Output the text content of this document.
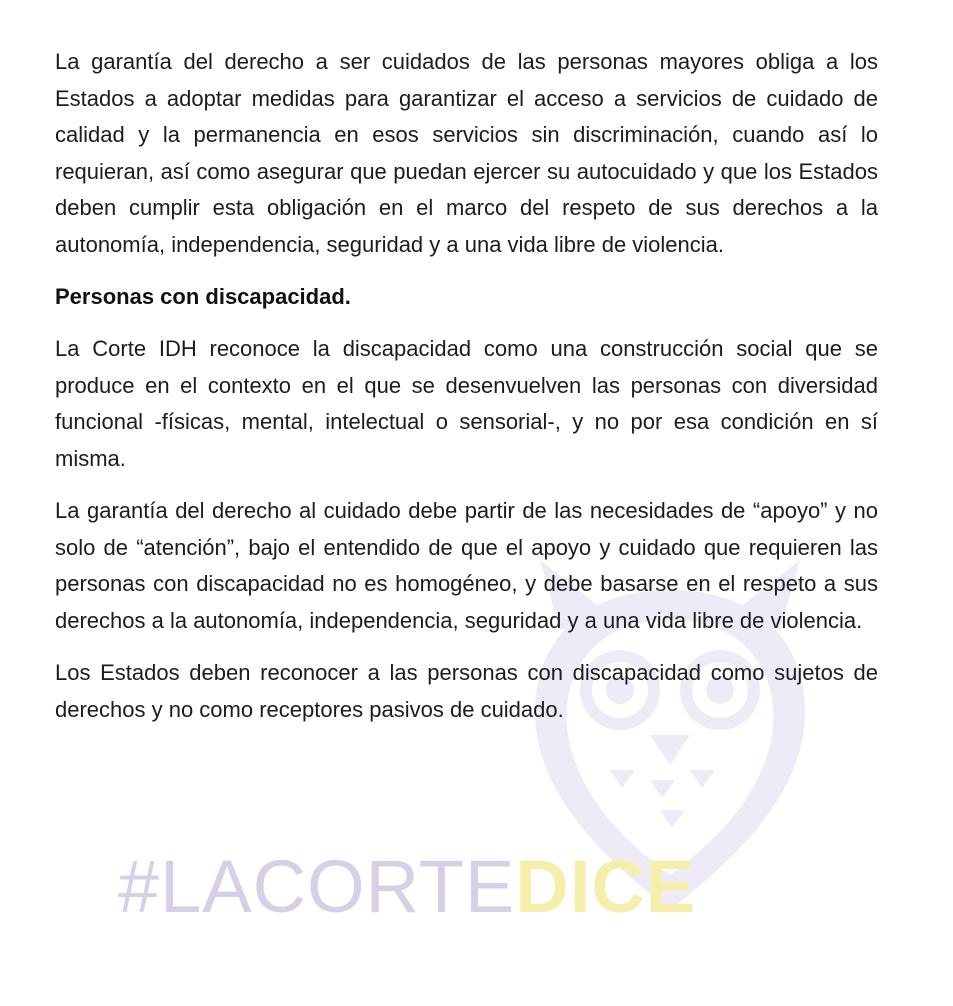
#LACORTEDICE

La garantía del derecho a ser cuidados de las personas mayores obliga a los Estados a adoptar medidas para garantizar el acceso a servicios de cuidado de calidad y la permanencia en esos servicios sin discriminación, cuando así lo requieran, así como asegurar que puedan ejercer su autocuidado y que los Estados deben cumplir esta obligación en el marco del respeto de sus derechos a la autonomía, independencia, seguridad y a una vida libre de violencia.

Personas con discapacidad.

La Corte IDH reconoce la discapacidad como una construcción social que se produce en el contexto en el que se desenvuelven las personas con diversidad funcional -físicas, mental, intelectual o sensorial-, y no por esa condición en sí misma.

La garantía del derecho al cuidado debe partir de las necesidades de “apoyo” y no solo de “atención”, bajo el entendido de que el apoyo y cuidado que requieren las personas con discapacidad no es homogéneo, y debe basarse en el respeto a sus derechos a la autonomía, independencia, seguridad y a una vida libre de violencia.

Los Estados deben reconocer a las personas con discapacidad como sujetos de derechos y no como receptores pasivos de cuidado.
